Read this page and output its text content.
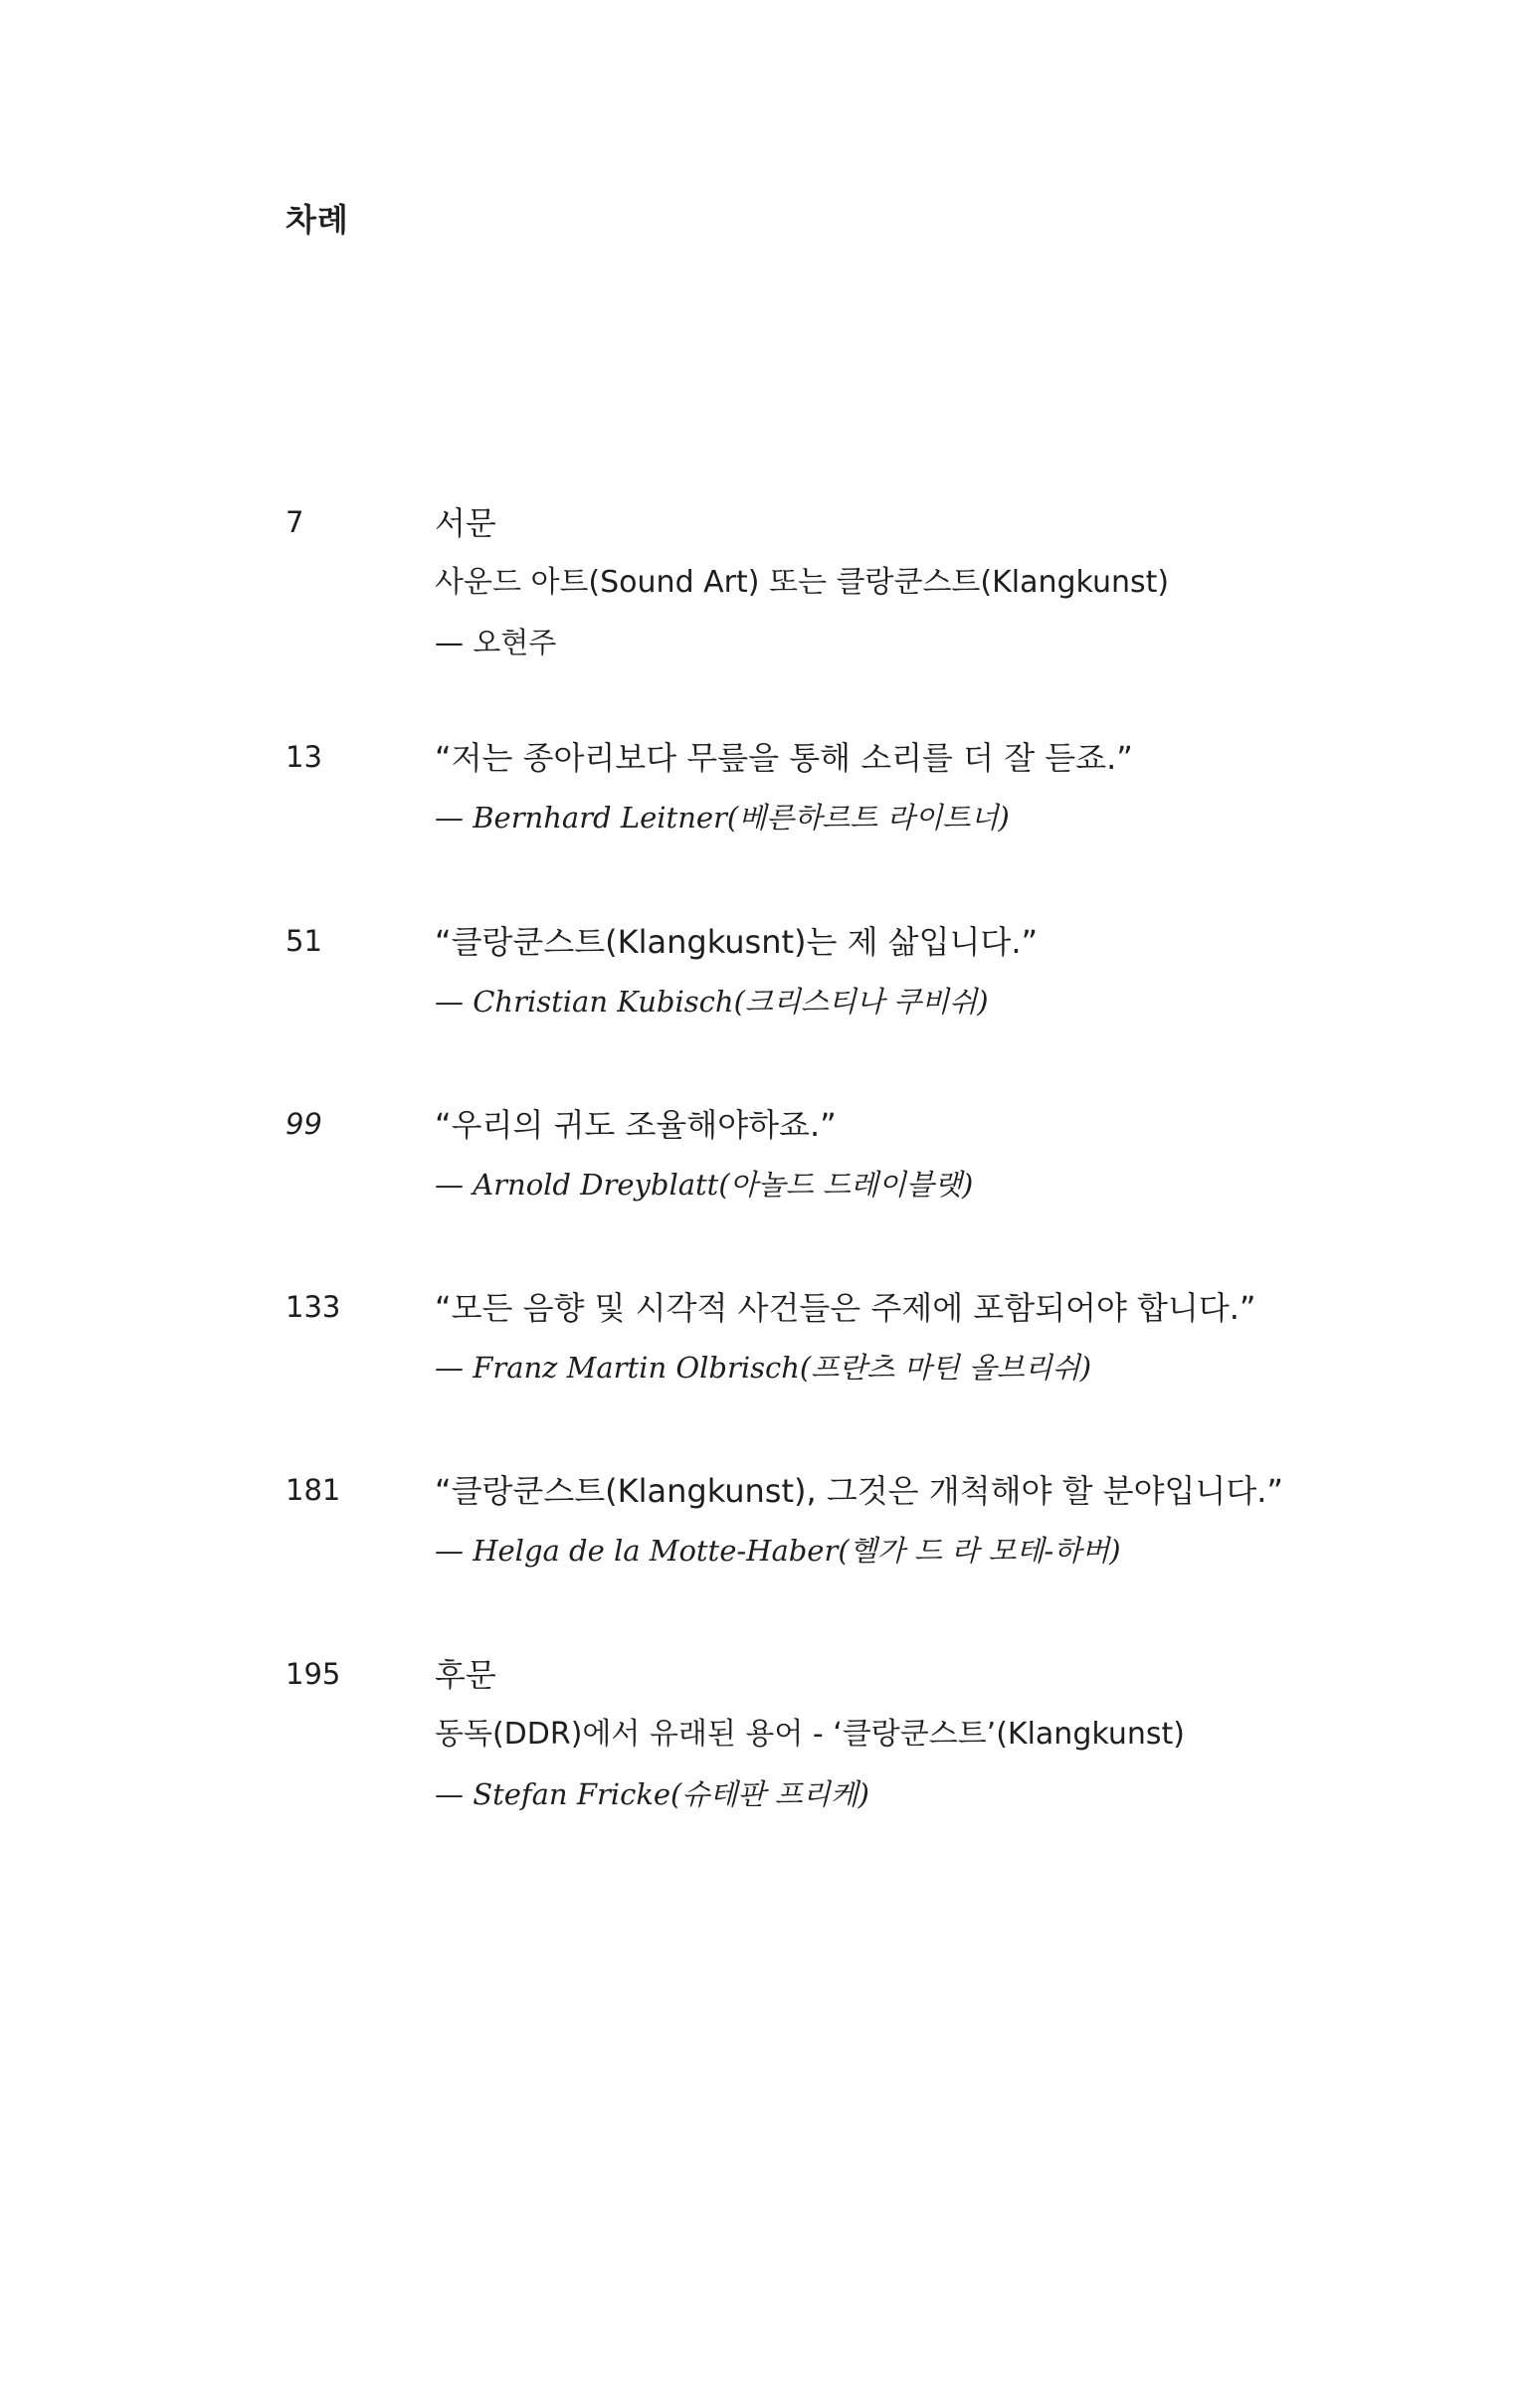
차례
7	서문
사운드 아트(Sound Art) 또는 클랑쿤스트(Klangkunst)
— 오현주
13	“저는 종아리보다 무릎을 통해 소리를 더 잘 듣죠.”
— Bernhard Leitner(베른하르트 라이트너)
51	“클랑쿤스트(Klangkusnt)는 제 삶입니다.”
— Christian Kubisch(크리스티나 쿠비쉬)
99	“우리의 귀도 조율해야하죠.”
— Arnold Dreyblatt(아놀드 드레이블랫)
133	“모든 음향 및 시각적 사건들은 주제에 포함되어야 합니다.”
— Franz Martin Olbrisch(프란츠 마틴 올브리쉬)
181	“클랑쿤스트(Klangkunst), 그것은 개척해야 할 분야입니다.”
— Helga de la Motte-Haber(헬가 드 라 모테-하버)
195	후문
동독(DDR)에서 유래된 용어 - ‘클랑쿤스트’(Klangkunst)
— Stefan Fricke(슈테판 프리케)
